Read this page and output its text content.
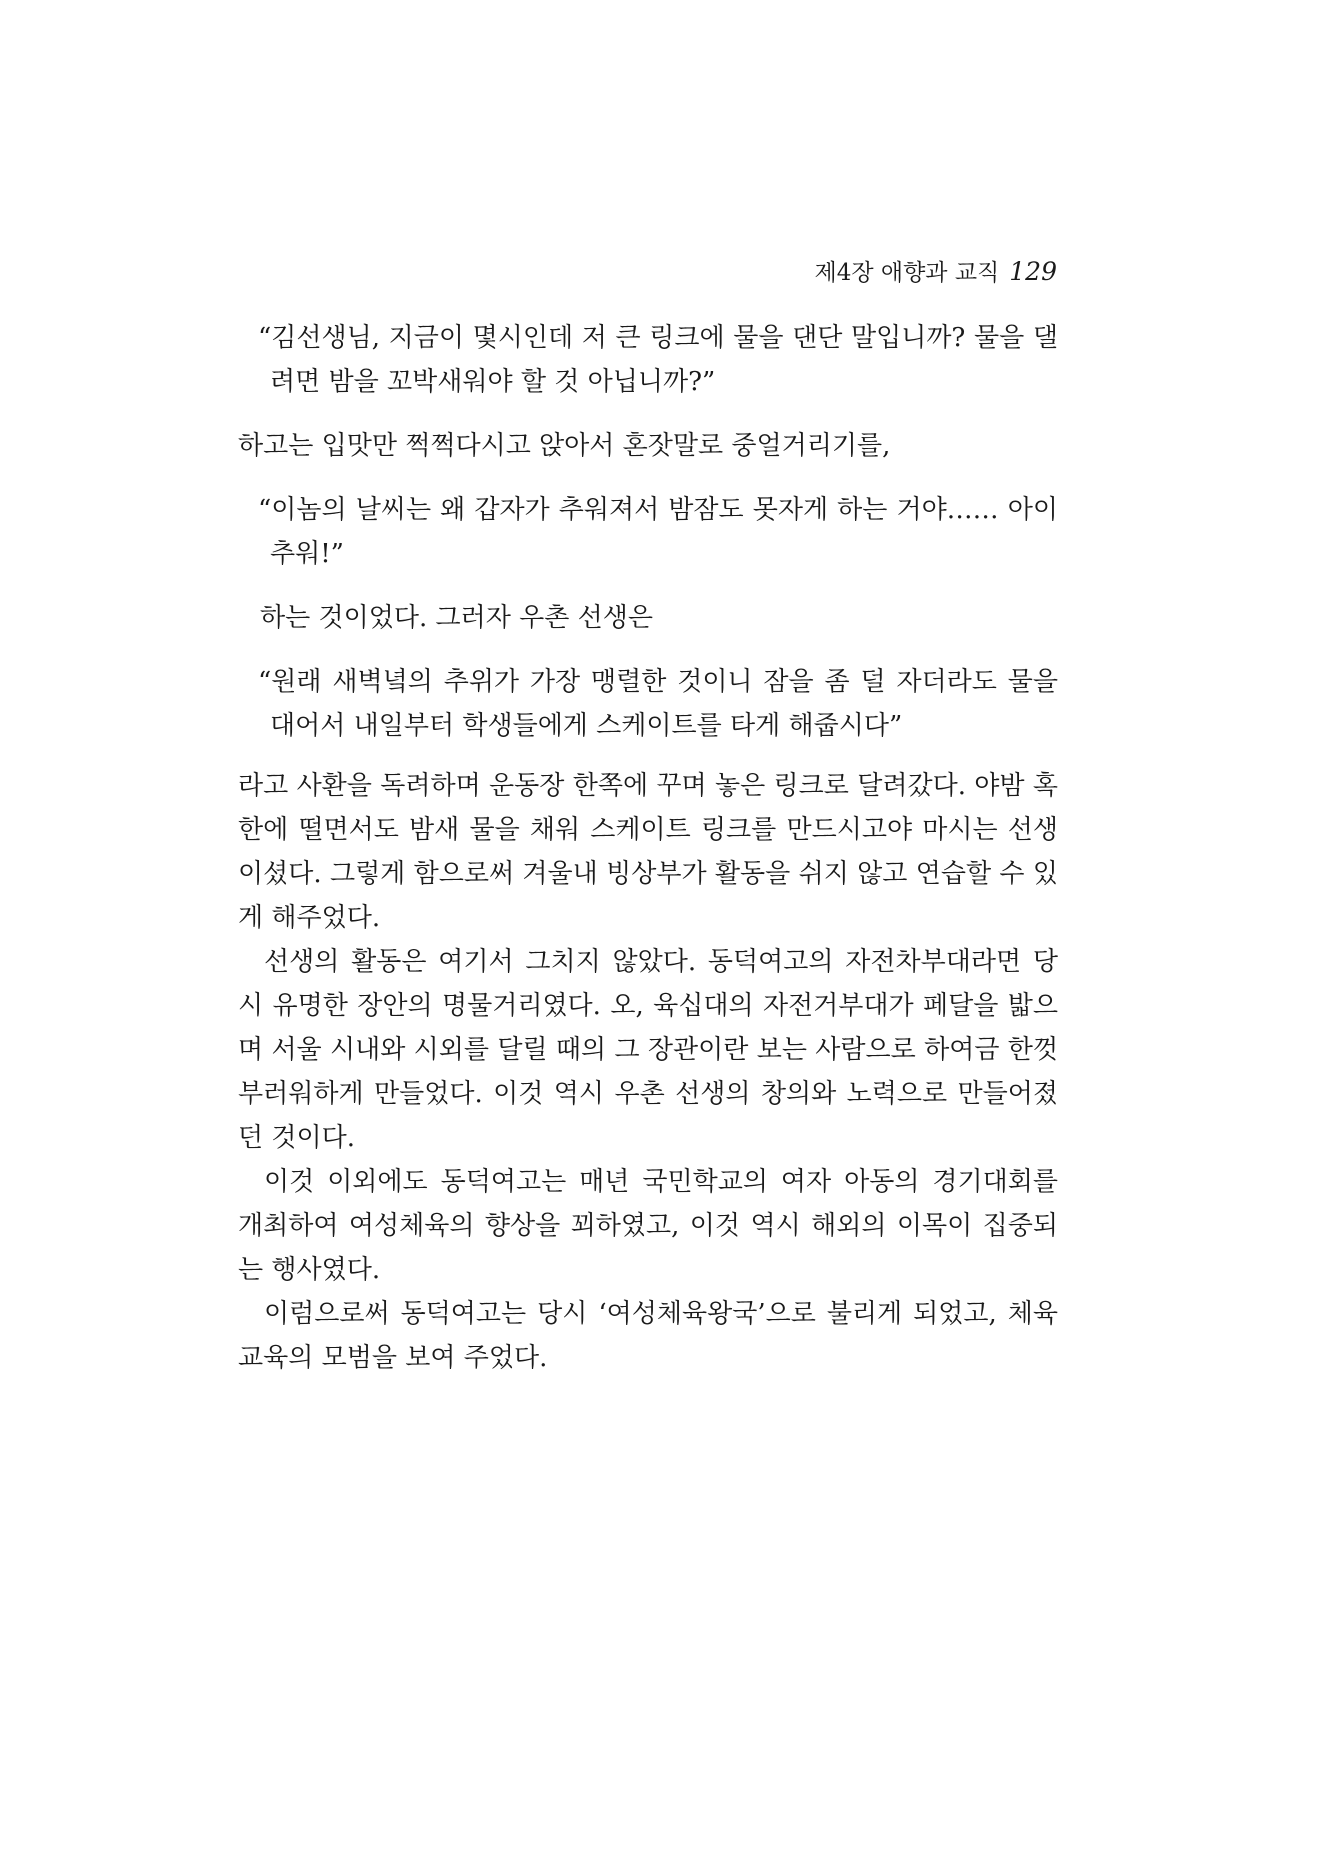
제4장 애향과 교직 129

“김선생님, 지금이 몇시인데 저 큰 링크에 물을 댄단 말입니까? 물을 댈려면 밤을 꼬박새워야 할 것 아닙니까?”

하고는 입맛만 쩍쩍다시고 앉아서 혼잣말로 중얼거리기를,

“이놈의 날씨는 왜 갑자가 추워져서 밤잠도 못자게 하는 거야…… 아이 추워!”

하는 것이었다. 그러자 우촌 선생은

“원래 새벽녘의 추위가 가장 맹렬한 것이니 잠을 좀 덜 자더라도 물을 대어서 내일부터 학생들에게 스케이트를 타게 해줍시다”

라고 사환을 독려하며 운동장 한쪽에 꾸며 놓은 링크로 달려갔다. 야밤 혹한에 떨면서도 밤새 물을 채워 스케이트 링크를 만드시고야 마시는 선생이셨다. 그렇게 함으로써 겨울내 빙상부가 활동을 쉬지 않고 연습할 수 있게 해주었다.

선생의 활동은 여기서 그치지 않았다. 동덕여고의 자전차부대라면 당시 유명한 장안의 명물거리였다. 오, 육십대의 자전거부대가 페달을 밟으며 서울 시내와 시외를 달릴 때의 그 장관이란 보는 사람으로 하여금 한껏 부러워하게 만들었다. 이것 역시 우촌 선생의 창의와 노력으로 만들어졌던 것이다.

이것 이외에도 동덕여고는 매년 국민학교의 여자 아동의 경기대회를 개최하여 여성체육의 향상을 꾀하였고, 이것 역시 해외의 이목이 집중되는 행사였다.

이럼으로써 동덕여고는 당시 ‘여성체육왕국’으로 불리게 되었고, 체육교육의 모범을 보여 주었다.
